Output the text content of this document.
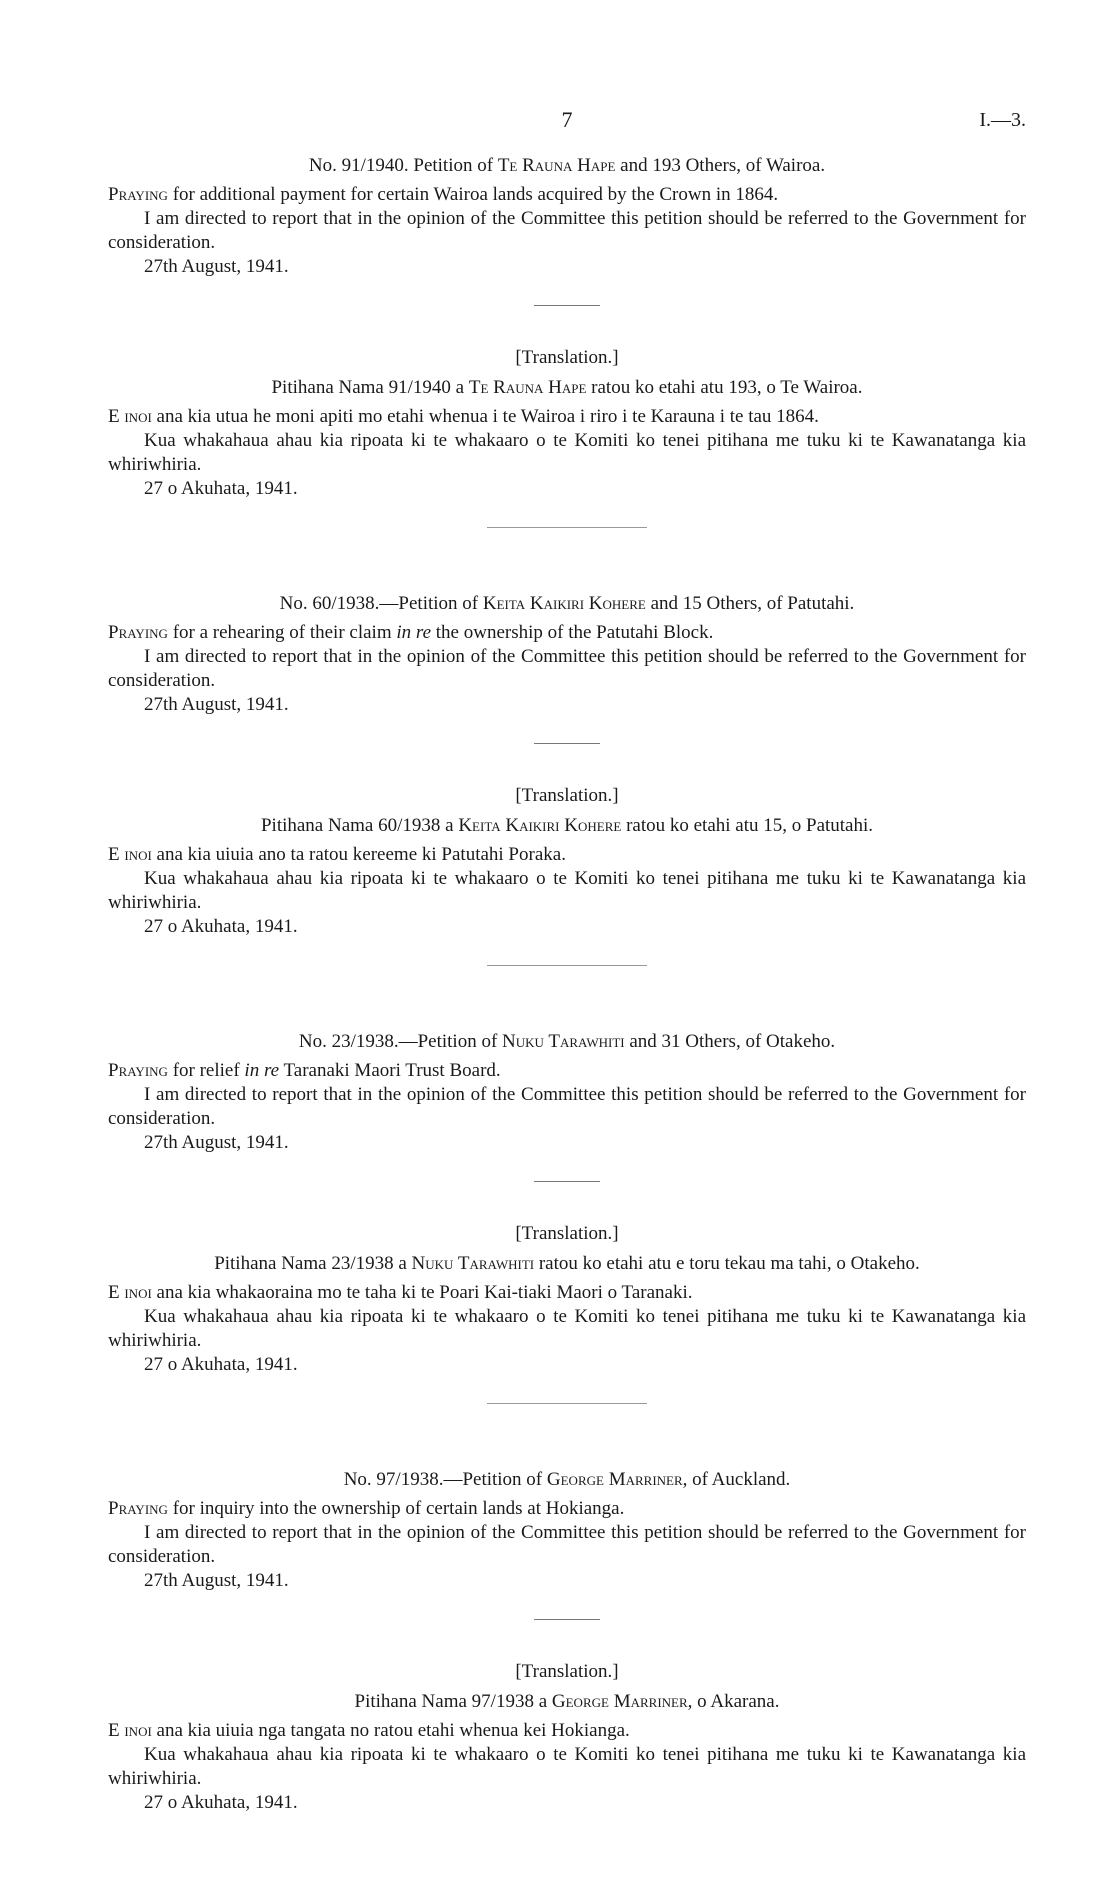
7	I.—3.

No. 91/1940. Petition of Te Rauna Hape and 193 Others, of Wairoa.

Praying for additional payment for certain Wairoa lands acquired by the Crown in 1864.

I am directed to report that in the opinion of the Committee this petition should be referred to the Government for consideration.

27th August, 1941.

[Translation.]

Pitihana Nama 91/1940 a Te Rauna Hape ratou ko etahi atu 193, o Te Wairoa.

E inoi ana kia utua he moni apiti mo etahi whenua i te Wairoa i riro i te Karauna i te tau 1864.

Kua whakahaua ahau kia ripoata ki te whakaaro o te Komiti ko tenei pitihana me tuku ki te Kawanatanga kia whiriwhiria.

27 o Akuhata, 1941.

No. 60/1938.—Petition of Keita Kaikiri Kohere and 15 Others, of Patutahi.

Praying for a rehearing of their claim in re the ownership of the Patutahi Block.

I am directed to report that in the opinion of the Committee this petition should be referred to the Government for consideration.

27th August, 1941.

[Translation.]

Pitihana Nama 60/1938 a Keita Kaikiri Kohere ratou ko etahi atu 15, o Patutahi.

E inoi ana kia uiuia ano ta ratou kereeme ki Patutahi Poraka.

Kua whakahaua ahau kia ripoata ki te whakaaro o te Komiti ko tenei pitihana me tuku ki te Kawanatanga kia whiriwhiria.

27 o Akuhata, 1941.

No. 23/1938.—Petition of Nuku Tarawhiti and 31 Others, of Otakeho.

Praying for relief in re Taranaki Maori Trust Board.

I am directed to report that in the opinion of the Committee this petition should be referred to the Government for consideration.

27th August, 1941.

[Translation.]

Pitihana Nama 23/1938 a Nuku Tarawhiti ratou ko etahi atu e toru tekau ma tahi, o Otakeho.

E inoi ana kia whakaoraina mo te taha ki te Poari Kai-tiaki Maori o Taranaki.

Kua whakahaua ahau kia ripoata ki te whakaaro o te Komiti ko tenei pitihana me tuku ki te Kawanatanga kia whiriwhiria.

27 o Akuhata, 1941.

No. 97/1938.—Petition of George Marriner, of Auckland.

Praying for inquiry into the ownership of certain lands at Hokianga.

I am directed to report that in the opinion of the Committee this petition should be referred to the Government for consideration.

27th August, 1941.

[Translation.]

Pitihana Nama 97/1938 a George Marriner, o Akarana.

E inoi ana kia uiuia nga tangata no ratou etahi whenua kei Hokianga.

Kua whakahaua ahau kia ripoata ki te whakaaro o te Komiti ko tenei pitihana me tuku ki te Kawanatanga kia whiriwhiria.

27 o Akuhata, 1941.
